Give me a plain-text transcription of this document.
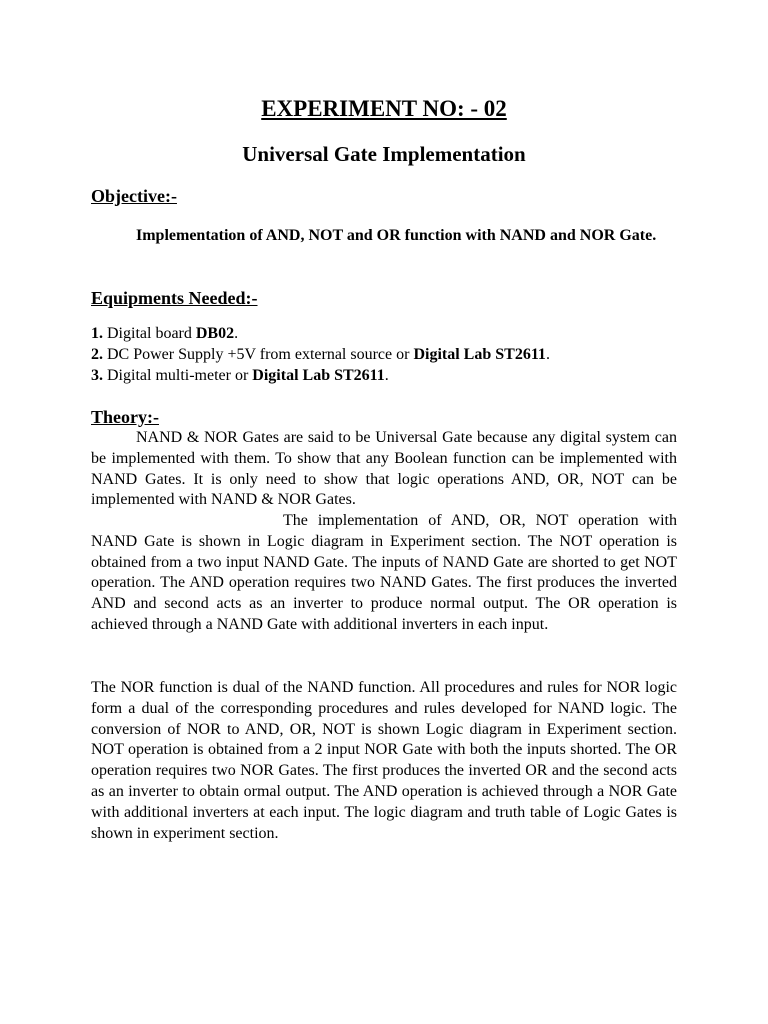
EXPERIMENT NO: - 02
Universal Gate Implementation
Objective:-

Implementation of AND, NOT and OR function with NAND and NOR Gate.

Equipments Needed:-
1. Digital board DB02.
2. DC Power Supply +5V from external source or Digital Lab ST2611.
3. Digital multi-meter or Digital Lab ST2611.
Theory:-

NAND & NOR Gates are said to be Universal Gate because any digital system can be implemented with them. To show that any Boolean function can be implemented with NAND Gates. It is only need to show that logic operations AND, OR, NOT can be implemented with NAND & NOR Gates.

The implementation of AND, OR, NOT operation with NAND Gate is shown in Logic diagram in Experiment section. The NOT operation is obtained from a two input NAND Gate. The inputs of NAND Gate are shorted to get NOT operation. The AND operation requires two NAND Gates. The first produces the inverted AND and second acts as an inverter to produce normal output. The OR operation is achieved through a NAND Gate with additional inverters in each input.

The NOR function is dual of the NAND function. All procedures and rules for NOR logic form a dual of the corresponding procedures and rules developed for NAND logic. The conversion of NOR to AND, OR, NOT is shown Logic diagram in Experiment section. NOT operation is obtained from a 2 input NOR Gate with both the inputs shorted. The OR operation requires two NOR Gates. The first produces the inverted OR and the second acts as an inverter to obtain ormal output. The AND operation is achieved through a NOR Gate with additional inverters at each input. The logic diagram and truth table of Logic Gates is shown in experiment section.
